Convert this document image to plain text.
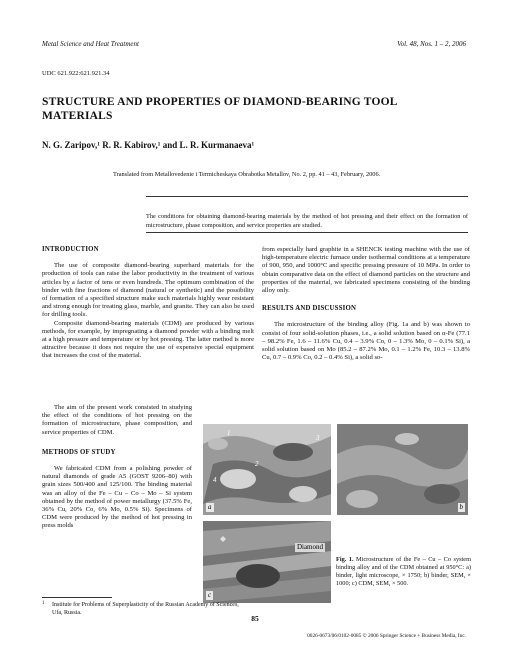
Metal Science and Heat Treatment	Vol. 48, Nos. 1 – 2, 2006
UDC 621.922:621.921.34
STRUCTURE AND PROPERTIES OF DIAMOND-BEARING TOOL MATERIALS
N. G. Zaripov,¹ R. R. Kabirov,¹ and L. R. Kurmanaeva¹
Translated from Metallovedenie i Termicheskaya Obrabotka Metallov, No. 2, pp. 41 – 43, February, 2006.
The conditions for obtaining diamond-bearing materials by the method of hot pressing and their effect on the formation of microstructure, phase composition, and service properties are studied.
INTRODUCTION

The use of composite diamond-bearing superhard materials for the production of tools can raise the labor productivity in the treatment of various articles by a factor of tens or even hundreds. The optimum combination of the binder with fine fractions of diamond (natural or synthetic) and the possibility of formation of a specified structure make such materials highly wear resistant and strong enough for treating glass, marble, and granite. They can also be used for drilling tools.

Composite diamond-bearing materials (CDM) are produced by various methods, for example, by impregnating a diamond powder with a binding melt at a high pressure and temperature or by hot pressing. The latter method is more attractive because it does not require the use of expensive special equipment that increases the cost of the material.

The aim of the present work consisted in studying the effect of the conditions of hot pressing on the formation of microstructure, phase composition, and service properties of CDM.

METHODS OF STUDY

We fabricated CDM from a polishing powder of natural diamonds of grade A5 (GOST 9206–80) with grain sizes 500/400 and 125/100. The binding material was an alloy of the Fe – Cu – Co – Mo – Si system obtained by the method of power metallurgy (37.5% Fe, 36% Cu, 20% Co, 6% Mo, 0.5% Si). Specimens of CDM were produced by the method of hot pressing in press molds

from especially hard graphite in a SHENCK testing machine with the use of high-temperature electric furnace under isothermal conditions at a temperature of 900, 950, and 1000°C and specific pressing pressure of 10 MPa. In order to obtain comparative data on the effect of diamond particles on the structure and properties of the material, we fabricated specimens consisting of the binding alloy only.

RESULTS AND DISCUSSION

The microstructure of the binding alloy (Fig. 1a and b) was shown to consist of four solid-solution phases, i.e., a solid solution based on α-Fe (77.1 – 98.2% Fe, 1.6 – 11.6% Cu, 0.4 – 3.9% Co, 0 – 1.3% Mo, 0 – 0.1% Si), a solid solution based on Mo (85.2 – 87.2% Mo, 0.1 – 1.2% Fe, 10.3 – 13.8% Cu, 0.7 – 0.9% Co, 0.2 – 0.4% Si), a solid so-

1
2
3
4
a	b
Diamond
c
Fig. 1. Microstructure of the Fe – Cu – Co system binding alloy and of the CDM obtained at 950°C: a) binder, light microscope, × 1750; b) binder, SEM, × 1000; c) CDM, SEM, × 500.
1 Institute for Problems of Superplasticity of the Russian Academy of Sciences, Ufa, Russia.
85
0026-0673/06/0102-0085 © 2006 Springer Science + Business Media, Inc.
